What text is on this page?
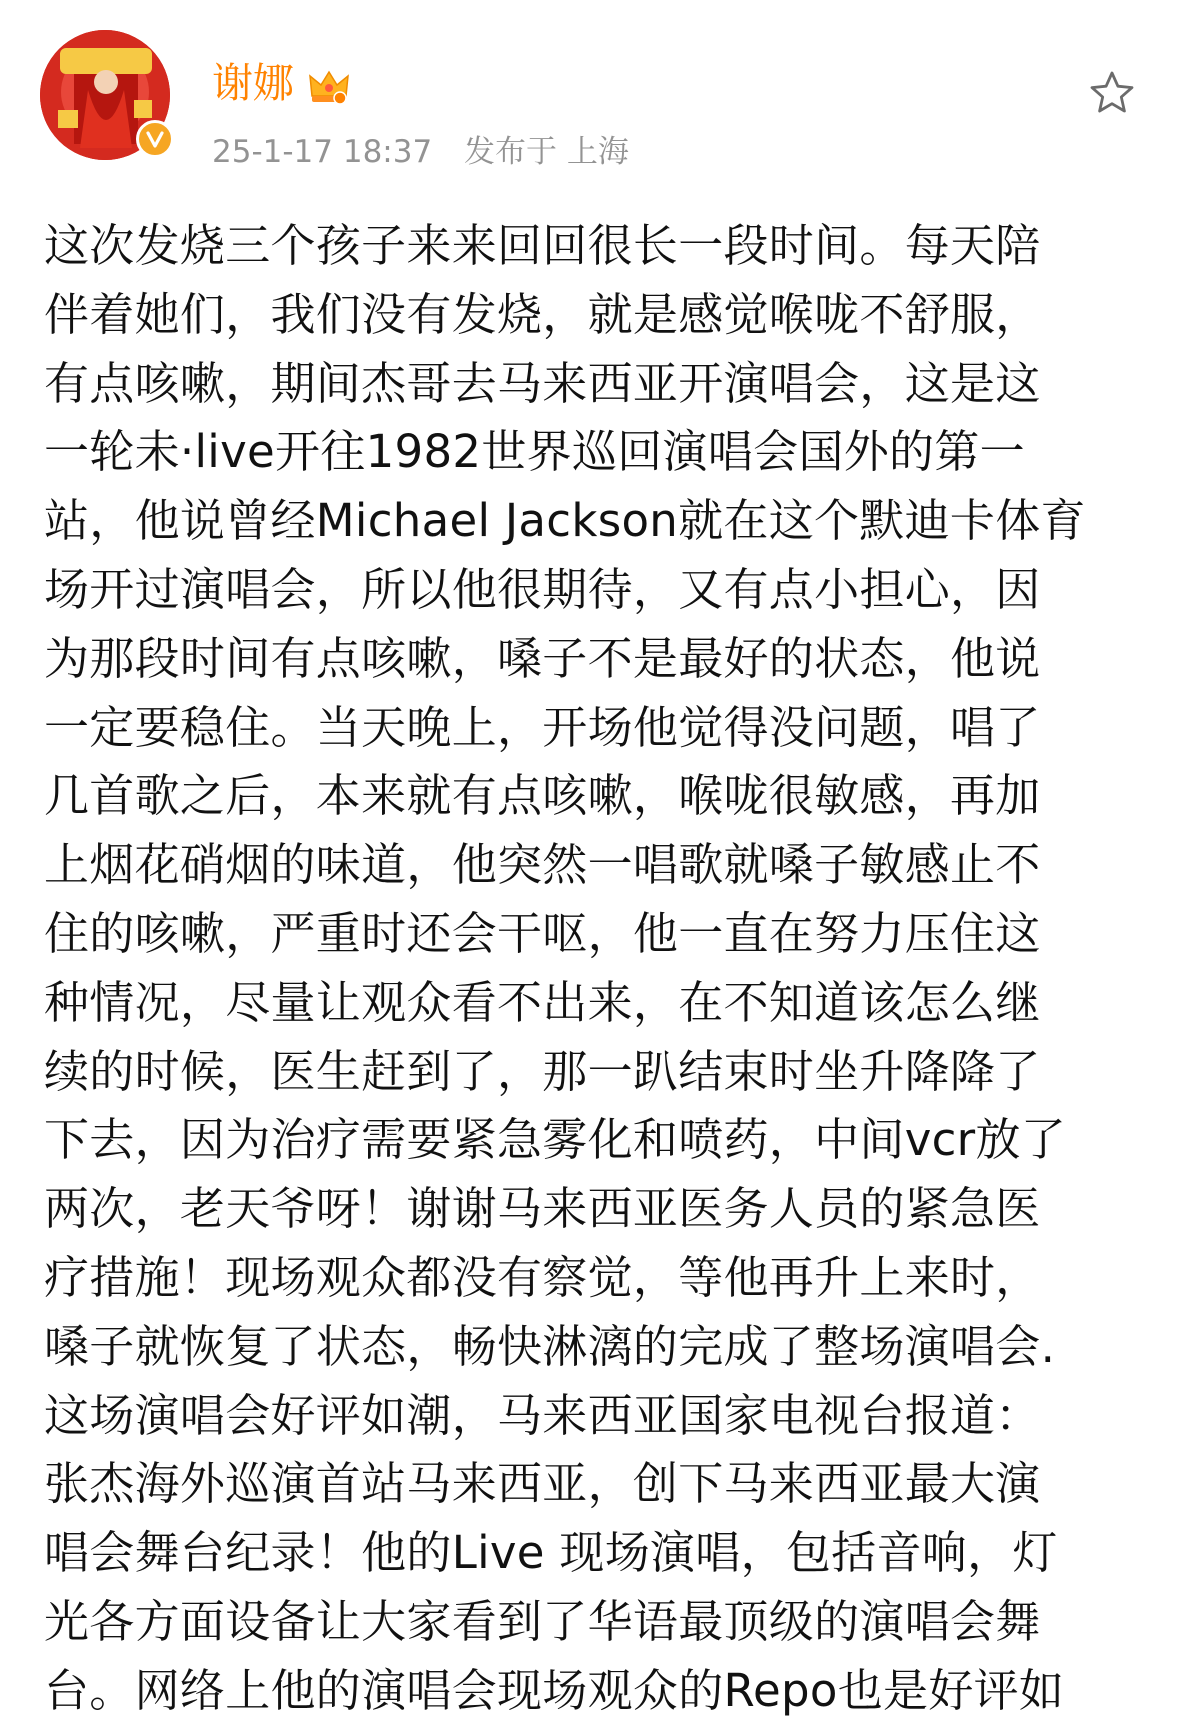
谢娜
25-1-17 18:37 发布于 上海
这次发烧三个孩子来来回回很长一段时间。每天陪
伴着她们，我们没有发烧，就是感觉喉咙不舒服，
有点咳嗽，期间杰哥去马来西亚开演唱会，这是这
一轮未·live开往1982世界巡回演唱会国外的第一
站，他说曾经Michael Jackson就在这个默迪卡体育
场开过演唱会，所以他很期待，又有点小担心，因
为那段时间有点咳嗽，嗓子不是最好的状态，他说
一定要稳住。当天晚上，开场他觉得没问题，唱了
几首歌之后，本来就有点咳嗽，喉咙很敏感，再加
上烟花硝烟的味道，他突然一唱歌就嗓子敏感止不
住的咳嗽，严重时还会干呕，他一直在努力压住这
种情况，尽量让观众看不出来，在不知道该怎么继
续的时候，医生赶到了，那一趴结束时坐升降降了
下去，因为治疗需要紧急雾化和喷药，中间vcr放了
两次，老天爷呀！谢谢马来西亚医务人员的紧急医
疗措施！现场观众都没有察觉，等他再升上来时，
嗓子就恢复了状态，畅快淋漓的完成了整场演唱会.
这场演唱会好评如潮，马来西亚国家电视台报道：
张杰海外巡演首站马来西亚，创下马来西亚最大演
唱会舞台纪录！他的Live 现场演唱，包括音响，灯
光各方面设备让大家看到了华语最顶级的演唱会舞
台。网络上他的演唱会现场观众的Repo也是好评如
